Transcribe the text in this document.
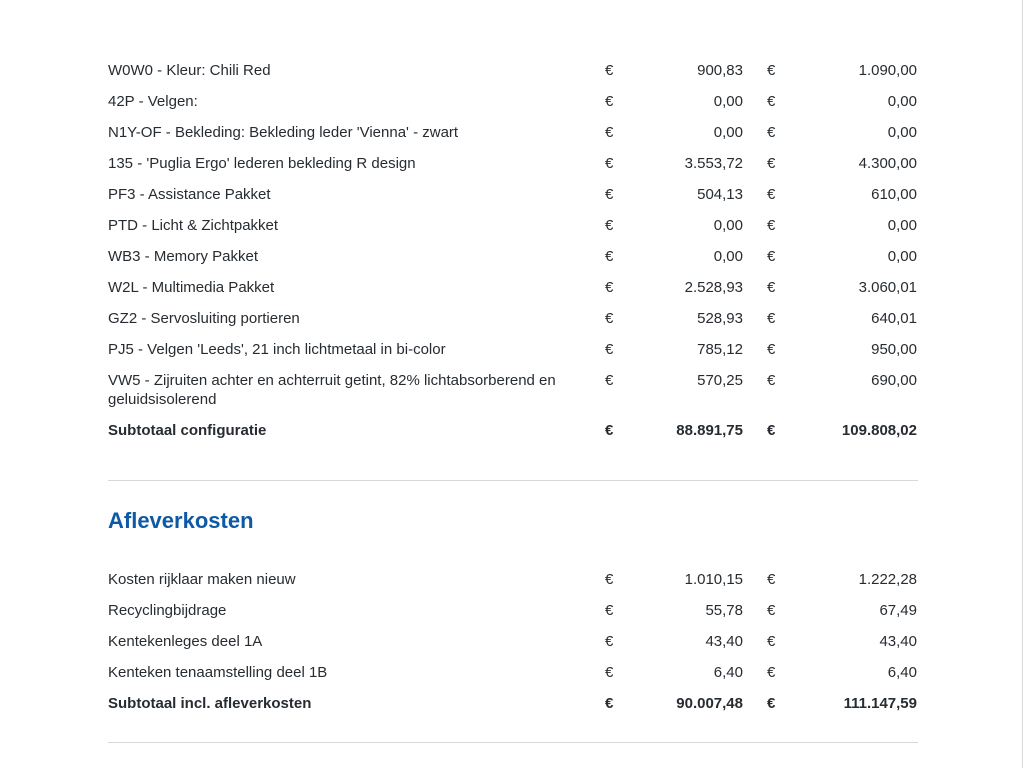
W0W0 - Kleur: Chili Red	€	900,83 €	1.090,00
42P - Velgen:	€	0,00 €	0,00
N1Y-OF - Bekleding: Bekleding leder 'Vienna' - zwart	€	0,00 €	0,00
135 - 'Puglia Ergo' lederen bekleding R design	€	3.553,72 €	4.300,00
PF3 - Assistance Pakket	€	504,13 €	610,00
PTD - Licht & Zichtpakket	€	0,00 €	0,00
WB3 - Memory Pakket	€	0,00 €	0,00
W2L - Multimedia Pakket	€	2.528,93 €	3.060,01
GZ2 - Servosluiting portieren	€	528,93 €	640,01
PJ5 - Velgen 'Leeds', 21 inch lichtmetaal in bi-color	€	785,12 €	950,00
VW5 - Zijruiten achter en achterruit getint, 82% lichtabsorberend en geluidsisolerend
€	570,25 €	690,00
Subtotaal configuratie	€	88.891,75 €	109.808,02
Afleverkosten
Kosten rijklaar maken nieuw	€	1.010,15 €	1.222,28
Recyclingbijdrage	€	55,78 €	67,49
Kentekenleges deel 1A	€	43,40 €	43,40
Kenteken tenaamstelling deel 1B	€	6,40 €	6,40
Subtotaal incl. afleverkosten	€	90.007,48 €	111.147,59
